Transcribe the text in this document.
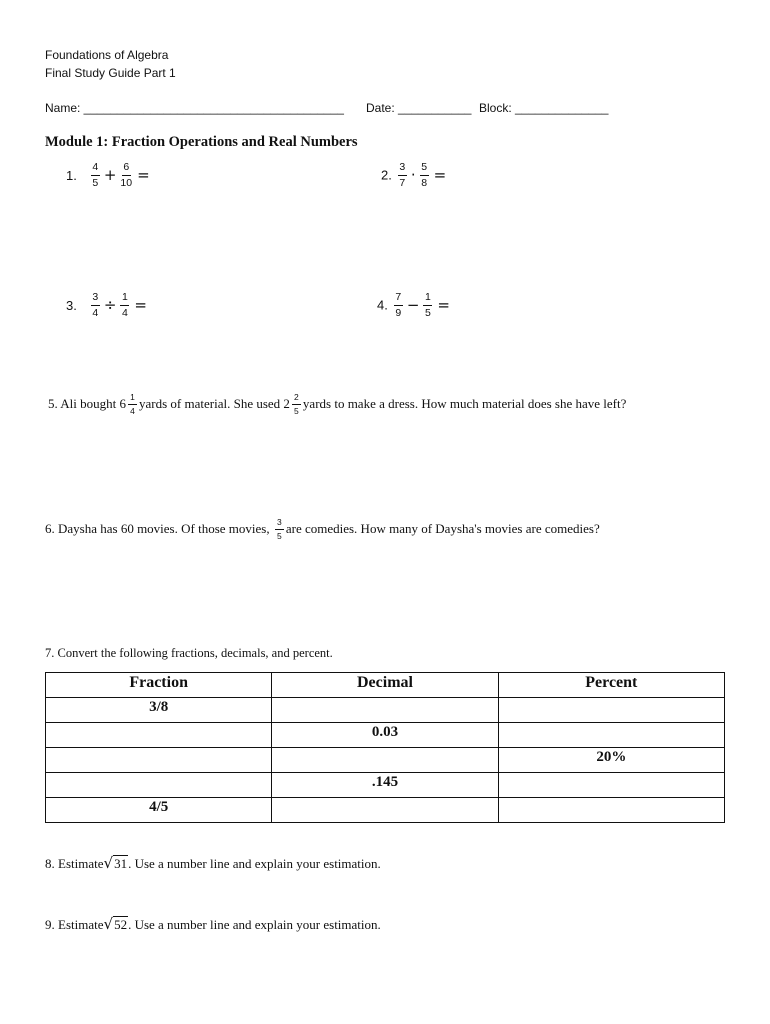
Foundations of Algebra
Final Study Guide Part 1
Name: _______________________________________ Date: ___________ Block: ______________
Module 1: Fraction Operations and Real Numbers
1. $\frac{4}{5} + \frac{6}{10}$ =	2. $\frac{3}{7} \cdot \frac{5}{8}$ =
3. $\frac{3}{4} \div \frac{1}{4}$ =	4. $\frac{7}{9} - \frac{1}{5}$ =
5. Ali bought $6 \frac{1}{4}$ yards of material. She used $2 \frac{2}{5}$ yards to make a dress. How much material does she have left?
6. Daysha has 60 movies. Of those movies, $\frac{3}{5}$ are comedies. How many of Daysha's movies are comedies?
7. Convert the following fractions, decimals, and percent.
Fraction	Decimal	Percent
3/8		
	0.03	
		20%
	.145	
4/5		
8. Estimate√31. Use a number line and explain your estimation.
9. Estimate√52. Use a number line and explain your estimation.
